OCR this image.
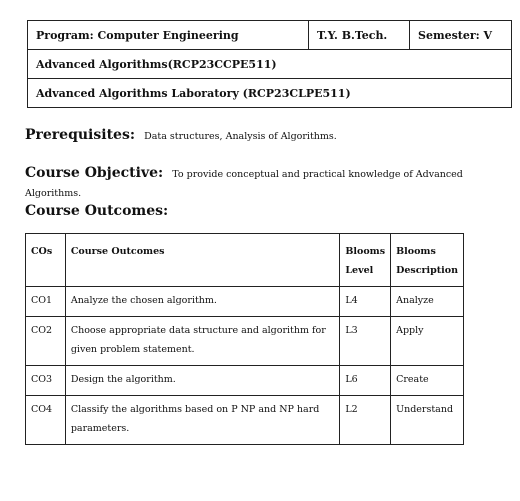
Program: Computer Engineering	T.Y. B.Tech.	Semester: V
Advanced Algorithms(RCP23CCPE511)
Advanced Algorithms Laboratory (RCP23CLPE511)
Prerequisites: Data structures, Analysis of Algorithms.
Course Objective: To provide conceptual and practical knowledge of Advanced Algorithms.
Course Outcomes:
COs	Course Outcomes	Blooms Level	Blooms Description
CO1	Analyze the chosen algorithm.	L4	Analyze
CO2	Choose appropriate data structure and algorithm for given problem statement.	L3	Apply
CO3	Design the algorithm.	L6	Create
CO4	Classify the algorithms based on P NP and NP hard parameters.	L2	Understand
